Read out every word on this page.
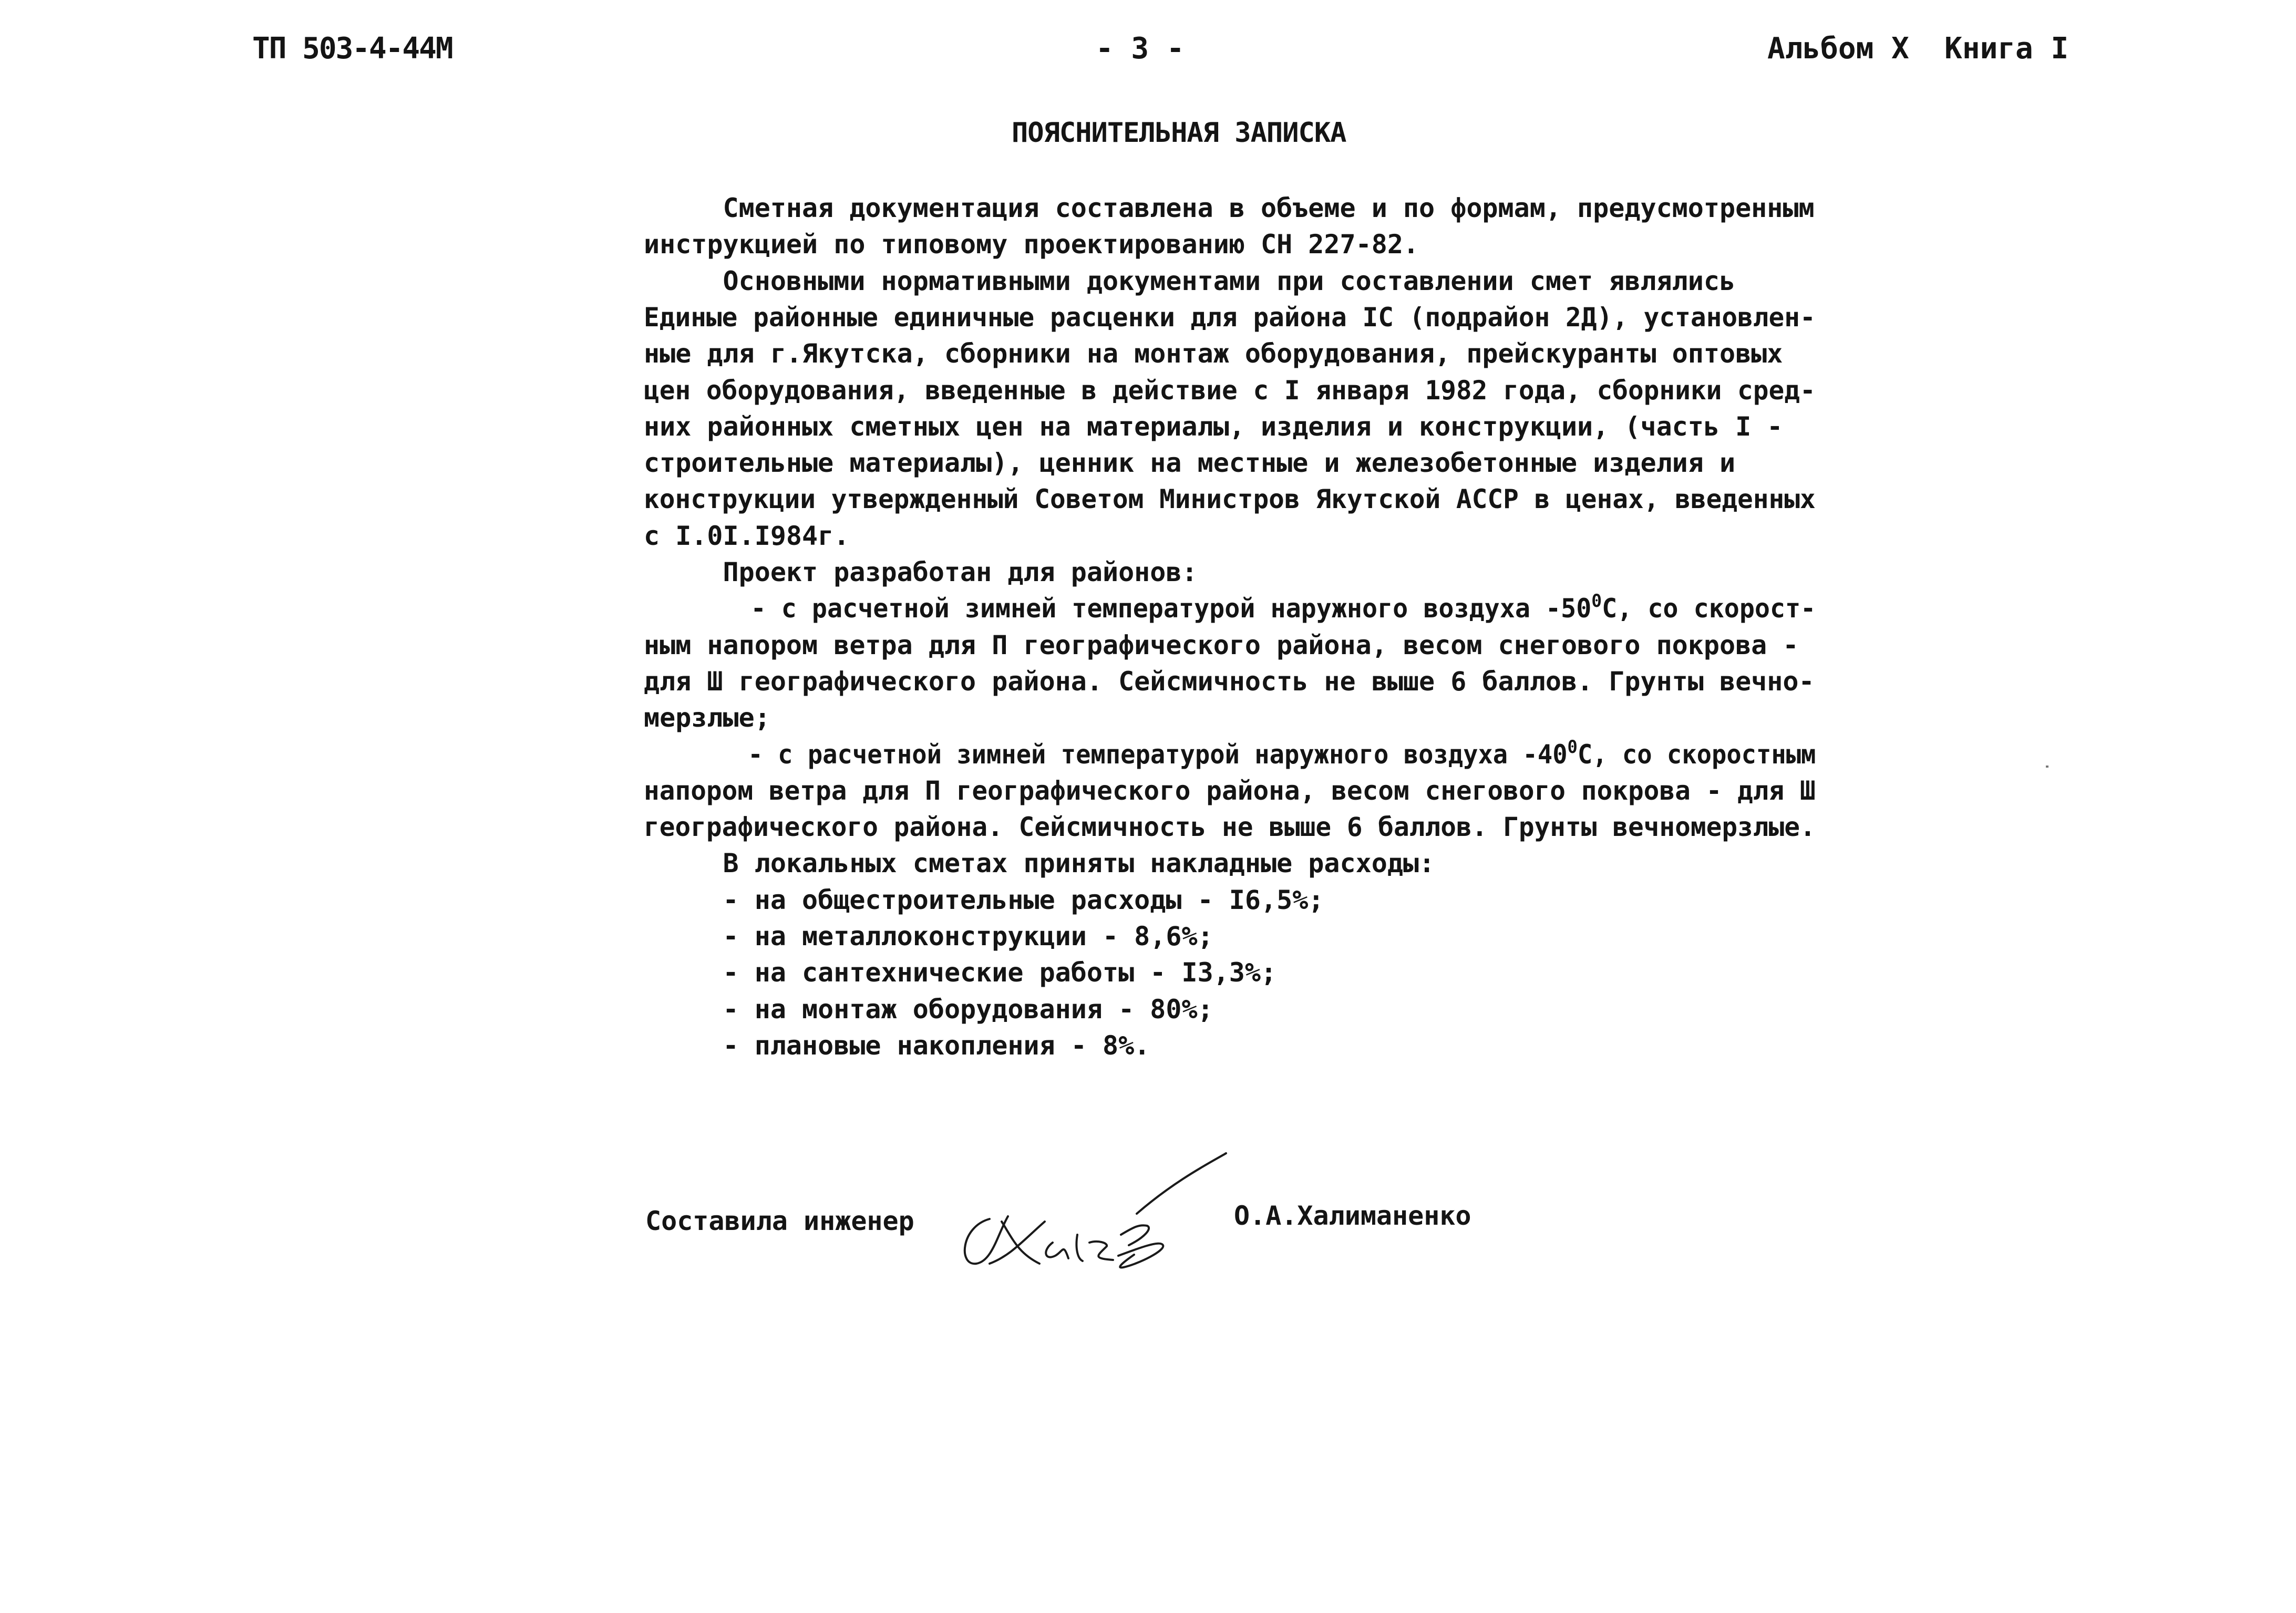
ТП 503-4-44М	- 3 -	Альбом X  Книга I
ПОЯСНИТЕЛЬНАЯ ЗАПИСКА
Сметная документация составлена в объеме и по формам, предусмотренным
инструкцией по типовому проектированию СН 227-82.
Основными нормативными документами при составлении смет являлись
Единые районные единичные расценки для района IС (подрайон 2Д), установлен-
ные для г.Якутска, сборники на монтаж оборудования, прейскуранты оптовых
цен оборудования, введенные в действие с I января 1982 года, сборники сред-
них районных сметных цен на материалы, изделия и конструкции, (часть I -
строительные материалы), ценник на местные и железобетонные изделия и
конструкции утвержденный Советом Министров Якутской АССР в ценах, введенных
с I.0I.I984г.
Проект разработан для районов:
- с расчетной зимней температурой наружного воздуха $-50^0С$, со скорост-
ным напором ветра для П географического района, весом снегового покрова -
для Ш географического района. Сейсмичность не выше 6 баллов. Грунты вечно-
мерзлые;
- с расчетной зимней температурой наружного воздуха $-40^0С$, со скоростным
напором ветра для П географического района, весом снегового покрова - для Ш
географического района. Сейсмичность не выше 6 баллов. Грунты вечномерзлые.
В локальных сметах приняты накладные расходы:
- на общестроительные расходы - I6,5%;
- на металлоконструкции - 8,6%;
- на сантехнические работы - I3,3%;
- на монтаж оборудования - 80%;
- плановые накопления - 8%.
Составила инженер	О.А.Халиманенко
